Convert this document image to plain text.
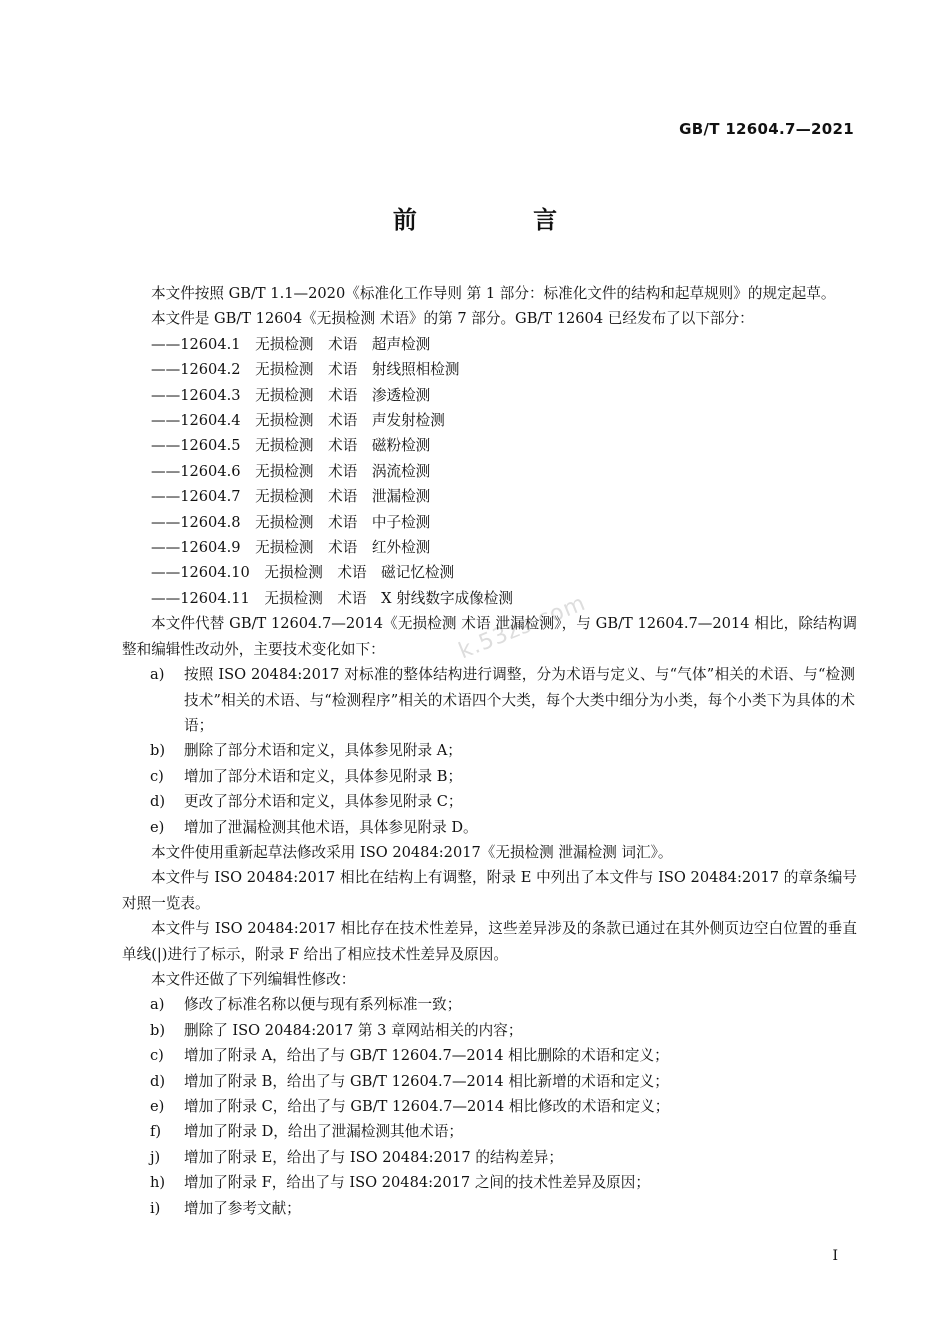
GB/T 12604.7—2021
前 言
k.53zs.com
本文件按照 GB/T 1.1—2020《标准化工作导则 第 1 部分：标准化文件的结构和起草规则》的规定起草。
本文件是 GB/T 12604《无损检测 术语》的第 7 部分。GB/T 12604 已经发布了以下部分：
——12604.1　无损检测　术语　超声检测
——12604.2　无损检测　术语　射线照相检测
——12604.3　无损检测　术语　渗透检测
——12604.4　无损检测　术语　声发射检测
——12604.5　无损检测　术语　磁粉检测
——12604.6　无损检测　术语　涡流检测
——12604.7　无损检测　术语　泄漏检测
——12604.8　无损检测　术语　中子检测
——12604.9　无损检测　术语　红外检测
——12604.10　无损检测　术语　磁记忆检测
——12604.11　无损检测　术语　X 射线数字成像检测
本文件代替 GB/T 12604.7—2014《无损检测 术语 泄漏检测》，与 GB/T 12604.7—2014 相比，除结构调整和编辑性改动外，主要技术变化如下：
a) 按照 ISO 20484:2017 对标准的整体结构进行调整，分为术语与定义、与“气体”相关的术语、与“检测技术”相关的术语、与“检测程序”相关的术语四个大类，每个大类中细分为小类，每个小类下为具体的术语；
b) 删除了部分术语和定义，具体参见附录 A；
c) 增加了部分术语和定义，具体参见附录 B；
d) 更改了部分术语和定义，具体参见附录 C；
e) 增加了泄漏检测其他术语，具体参见附录 D。
本文件使用重新起草法修改采用 ISO 20484:2017《无损检测 泄漏检测 词汇》。
本文件与 ISO 20484:2017 相比在结构上有调整，附录 E 中列出了本文件与 ISO 20484:2017 的章条编号对照一览表。
本文件与 ISO 20484:2017 相比存在技术性差异，这些差异涉及的条款已通过在其外侧页边空白位置的垂直单线(|)进行了标示，附录 F 给出了相应技术性差异及原因。
本文件还做了下列编辑性修改：
a) 修改了标准名称以便与现有系列标准一致；
b) 删除了 ISO 20484:2017 第 3 章网站相关的内容；
c) 增加了附录 A，给出了与 GB/T 12604.7—2014 相比删除的术语和定义；
d) 增加了附录 B，给出了与 GB/T 12604.7—2014 相比新增的术语和定义；
e) 增加了附录 C，给出了与 GB/T 12604.7—2014 相比修改的术语和定义；
f) 增加了附录 D，给出了泄漏检测其他术语；
j) 增加了附录 E，给出了与 ISO 20484:2017 的结构差异；
h) 增加了附录 F，给出了与 ISO 20484:2017 之间的技术性差异及原因；
i) 增加了参考文献；
I
